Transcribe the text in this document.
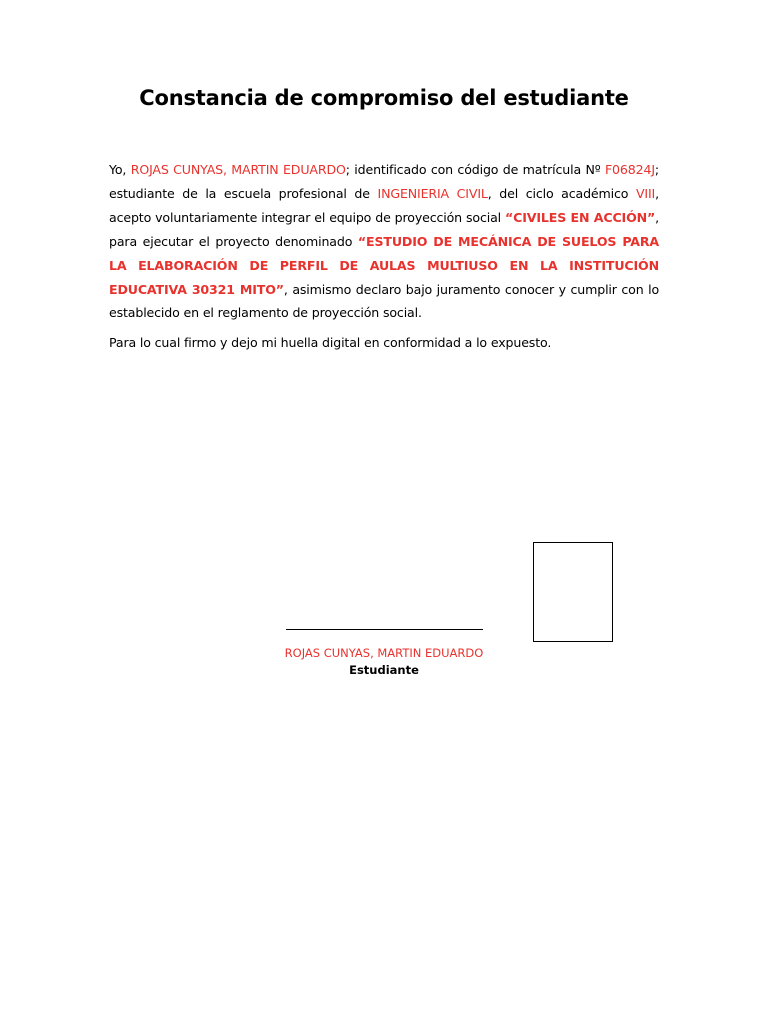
Constancia de compromiso del estudiante

Yo, ROJAS CUNYAS, MARTIN EDUARDO; identificado con código de matrícula Nº F06824J; estudiante de la escuela profesional de INGENIERIA CIVIL, del ciclo académico VIII, acepto voluntariamente integrar el equipo de proyección social “CIVILES EN ACCIÓN”, para ejecutar el proyecto denominado “ESTUDIO DE MECÁNICA DE SUELOS PARA LA ELABORACIÓN DE PERFIL DE AULAS MULTIUSO EN LA INSTITUCIÓN EDUCATIVA 30321 MITO”, asimismo declaro bajo juramento conocer y cumplir con lo establecido en el reglamento de proyección social.

Para lo cual firmo y dejo mi huella digital en conformidad a lo expuesto.

ROJAS CUNYAS, MARTIN EDUARDO

Estudiante
